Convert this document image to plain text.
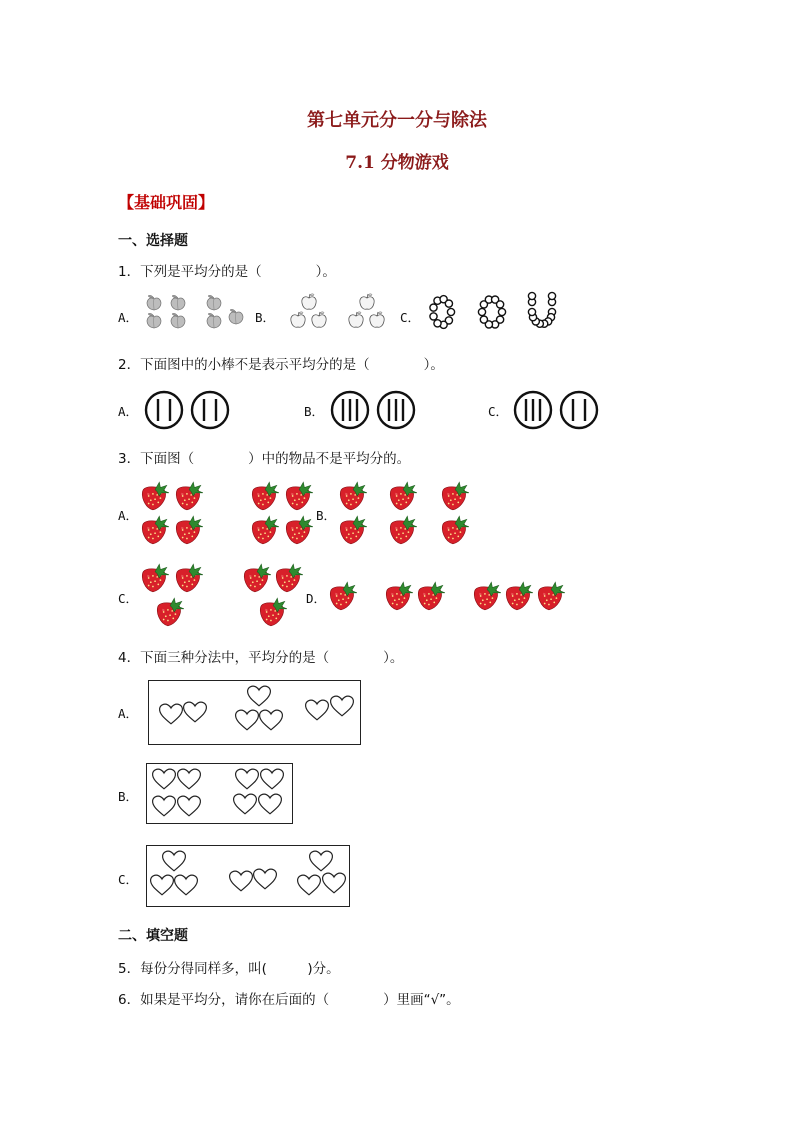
第七单元分一分与除法
7.1 分物游戏
【基础巩固】
一、选择题
1．下列是平均分的是（　　　　）。
A．	B．	C．
2．下面图中的小棒不是表示平均分的是（　　　　）。
A．	B．	C．
3．下面图（　　　　）中的物品不是平均分的。
A．	B．
C．	D．
4．下面三种分法中，平均分的是（　　　　）。
A．
B．
C．
二、填空题
5．每份分得同样多，叫(　　　)分。
6．如果是平均分，请你在后面的（　　　　）里画“√”。
